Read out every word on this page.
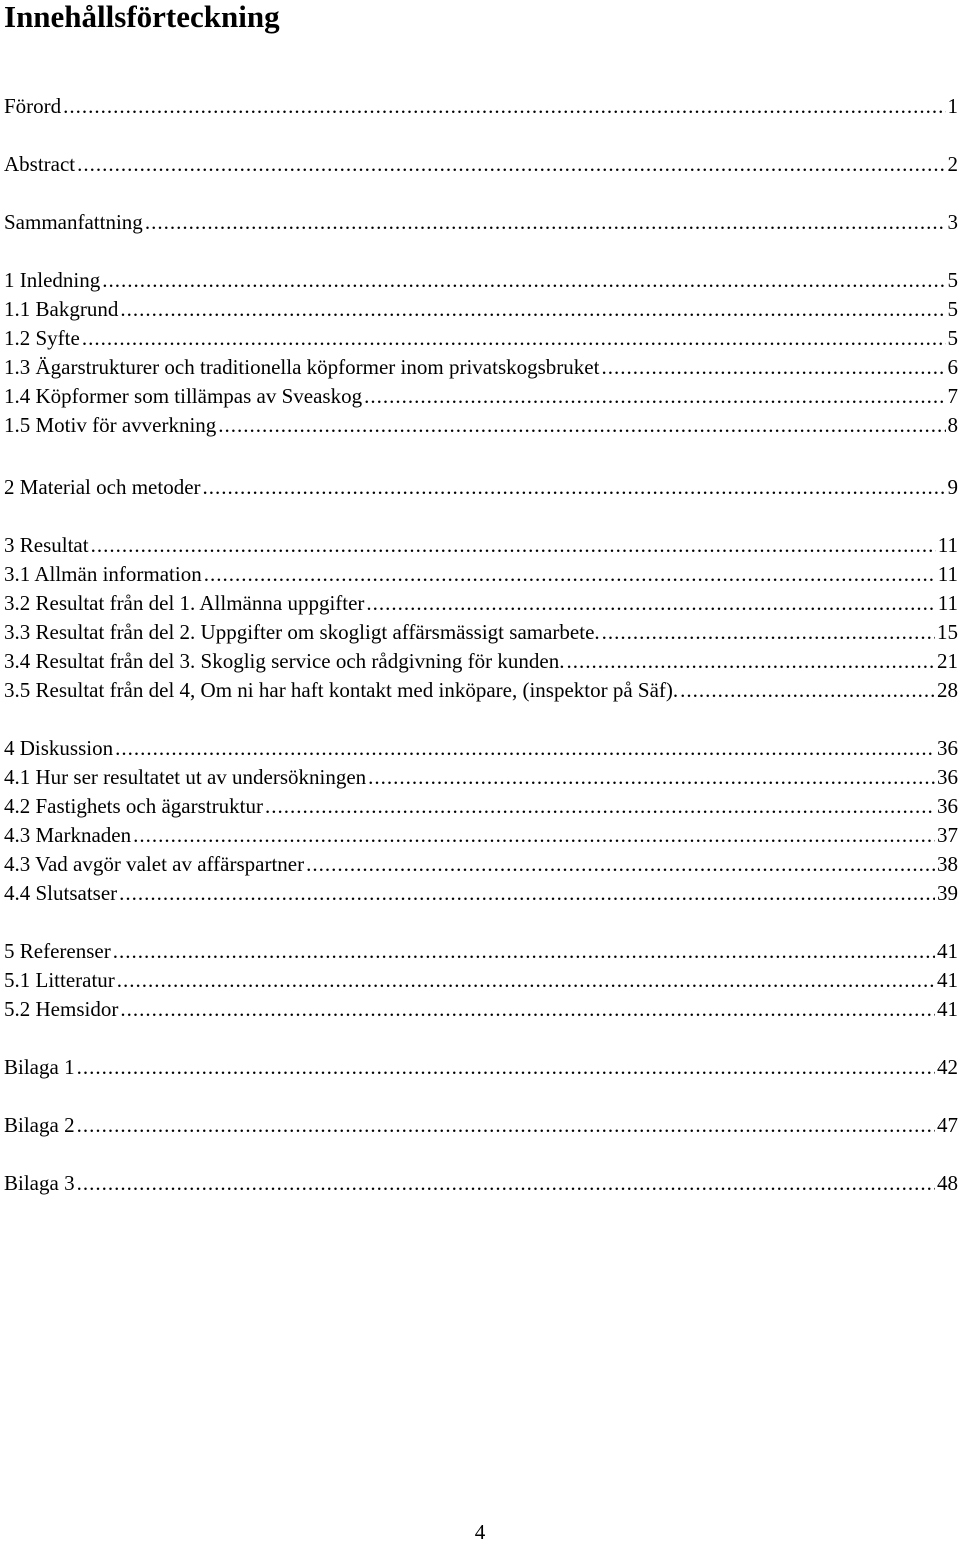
Innehållsförteckning
Förord .....	1
Abstract .....	2
Sammanfattning .....	3
1 Inledning .....	5
1.1 Bakgrund .....	5
1.2 Syfte .....	5
1.3 Ägarstrukturer och traditionella köpformer inom privatskogsbruket .....	6
1.4 Köpformer som tillämpas av Sveaskog .....	7
1.5 Motiv för avverkning .....	8
2 Material och metoder .....	9
3 Resultat .....	11
3.1 Allmän information .....	11
3.2 Resultat från del 1. Allmänna uppgifter .....	11
3.3 Resultat från del 2. Uppgifter om skogligt affärsmässigt samarbete. .....	15
3.4 Resultat från del 3. Skoglig service och rådgivning för kunden. .....	21
3.5 Resultat från del 4, Om ni har haft kontakt med inköpare, (inspektor på Säf). .....	28
4 Diskussion .....	36
4.1 Hur ser resultatet ut av undersökningen .....	36
4.2 Fastighets och ägarstruktur .....	36
4.3 Marknaden .....	37
4.3 Vad avgör valet av affärspartner .....	38
4.4 Slutsatser .....	39
5 Referenser .....	41
5.1 Litteratur .....	41
5.2 Hemsidor .....	41
Bilaga 1 .....	42
Bilaga 2 .....	47
Bilaga 3 .....	48
4
